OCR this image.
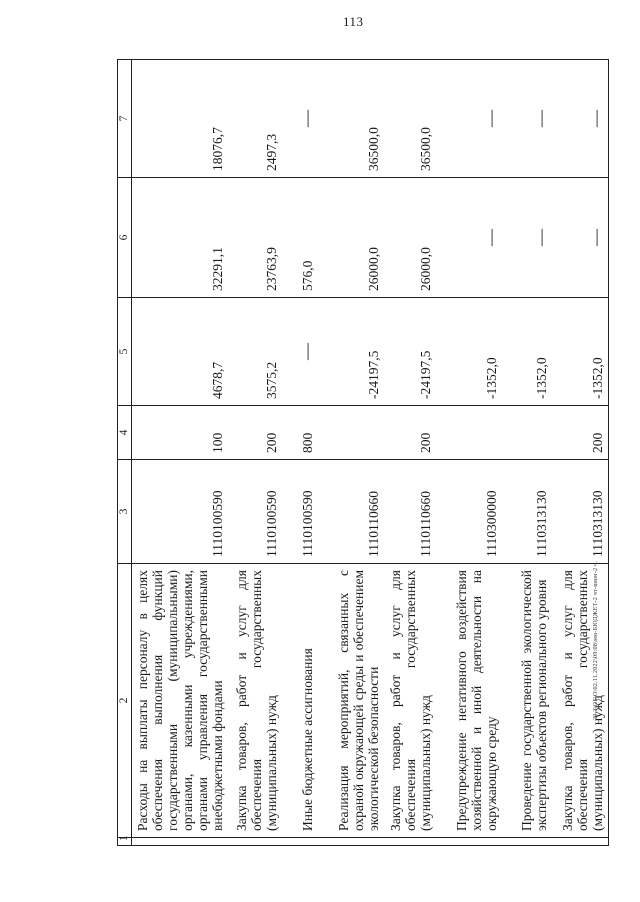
113
1	2	3	4	5	6	7
	Расходы на выплаты персоналу в целях обеспечения выполнения функций государственными (муниципальными) органами, казенными учреждениями, органами управления государственными внебюджетными фондами	1110100590	100	4678,7	32291,1	18076,7
	Закупка товаров, работ и услуг для обеспечения государственных (муниципальных) нужд	1110100590	200	3575,2	23763,9	2497,3
	Иные бюджетные ассигнования	1110100590	800	—	576,0	—
	Реализация мероприятий, связанных с охраной окружающей среды и обеспечением экологической безопасности	1110110660		-24197,5	26000,0	36500,0
	Закупка товаров, работ и услуг для обеспечения государственных (муниципальных) нужд	1110110660	200	-24197,5	26000,0	36500,0
	Предупреждение негативного воздействия хозяйственной и иной деятельности на окружающую среду	1110300000		-1352,0	—	—
	Проведение государственной экологической экспертизы объектов регионального уровня	1110313130		-1352,0	—	—
	Закупка товаров, работ и услуг для обеспечения государственных (муниципальных) нужд	1110313130	200	-1352,0	—	—
20.3\ОБ\О\02.11.2022\09:08\мм-БЮДЖЕТ-2 чт-вион-2 ч.
